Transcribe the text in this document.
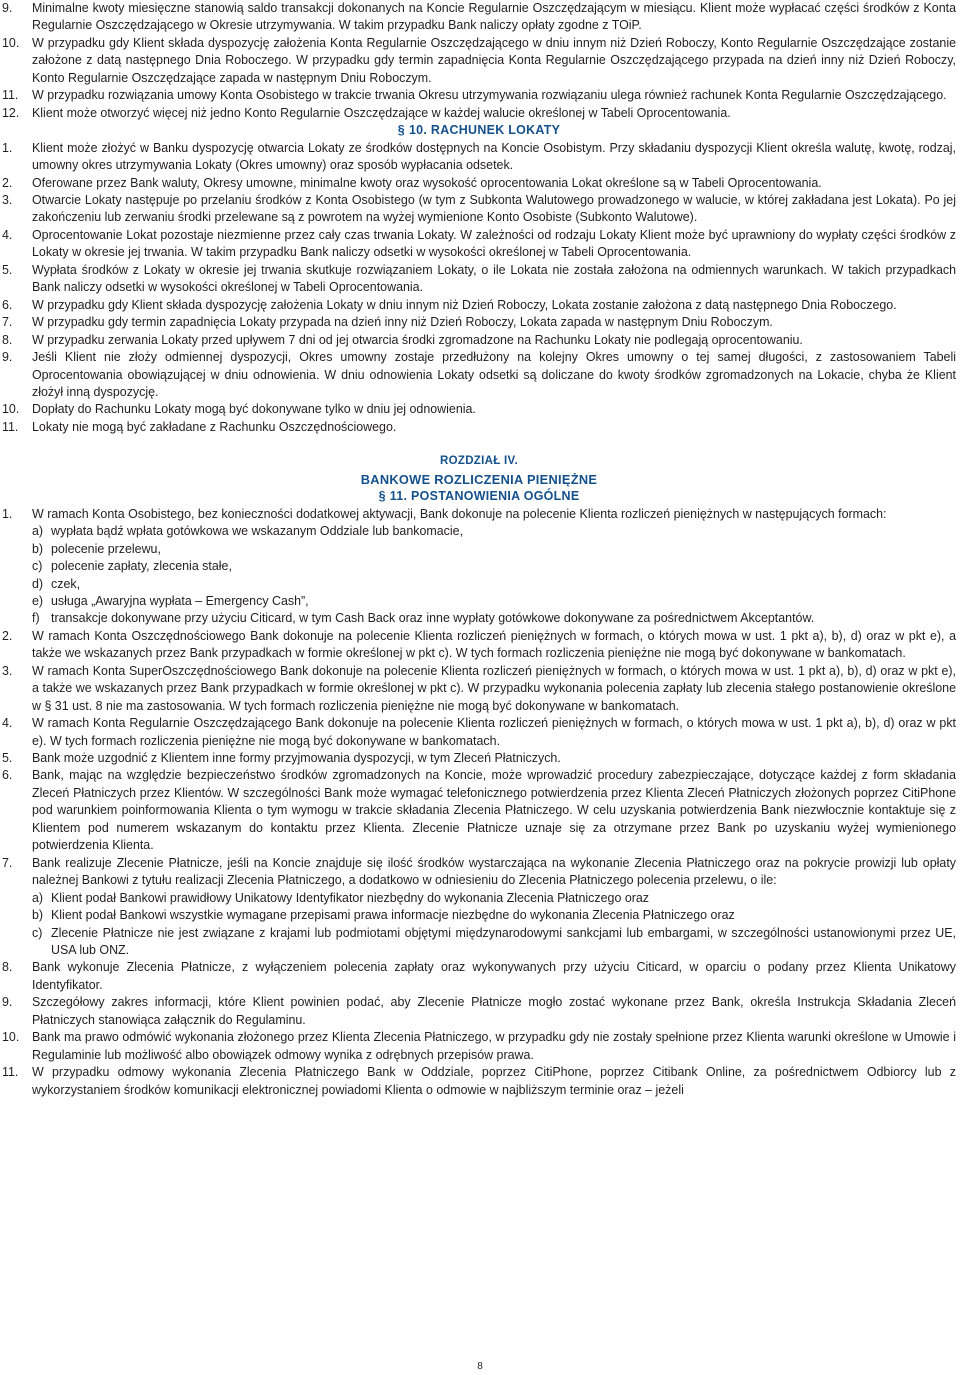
9. Minimalne kwoty miesięczne stanowią saldo transakcji dokonanych na Koncie Regularnie Oszczędzającym w miesiącu. Klient może wypłacać części środków z Konta Regularnie Oszczędzającego w Okresie utrzymywania. W takim przypadku Bank naliczy opłaty zgodne z TOiP.
10. W przypadku gdy Klient składa dyspozycję założenia Konta Regularnie Oszczędzającego w dniu innym niż Dzień Roboczy, Konto Regularnie Oszczędzające zostanie założone z datą następnego Dnia Roboczego. W przypadku gdy termin zapadnięcia Konta Regularnie Oszczędzającego przypada na dzień inny niż Dzień Roboczy, Konto Regularnie Oszczędzające zapada w następnym Dniu Roboczym.
11. W przypadku rozwiązania umowy Konta Osobistego w trakcie trwania Okresu utrzymywania rozwiązaniu ulega również rachunek Konta Regularnie Oszczędzającego.
12. Klient może otworzyć więcej niż jedno Konto Regularnie Oszczędzające w każdej walucie określonej w Tabeli Oprocentowania.
§ 10. RACHUNEK LOKATY
1. Klient może złożyć w Banku dyspozycję otwarcia Lokaty ze środków dostępnych na Koncie Osobistym. Przy składaniu dyspozycji Klient określa walutę, kwotę, rodzaj, umowny okres utrzymywania Lokaty (Okres umowny) oraz sposób wypłacania odsetek.
2. Oferowane przez Bank waluty, Okresy umowne, minimalne kwoty oraz wysokość oprocentowania Lokat określone są w Tabeli Oprocentowania.
3. Otwarcie Lokaty następuje po przelaniu środków z Konta Osobistego (w tym z Subkonta Walutowego prowadzonego w walucie, w której zakładana jest Lokata). Po jej zakończeniu lub zerwaniu środki przelewane są z powrotem na wyżej wymienione Konto Osobiste (Subkonto Walutowe).
4. Oprocentowanie Lokat pozostaje niezmienne przez cały czas trwania Lokaty. W zależności od rodzaju Lokaty Klient może być uprawniony do wypłaty części środków z Lokaty w okresie jej trwania. W takim przypadku Bank naliczy odsetki w wysokości określonej w Tabeli Oprocentowania.
5. Wypłata środków z Lokaty w okresie jej trwania skutkuje rozwiązaniem Lokaty, o ile Lokata nie została założona na odmiennych warunkach. W takich przypadkach Bank naliczy odsetki w wysokości określonej w Tabeli Oprocentowania.
6. W przypadku gdy Klient składa dyspozycję założenia Lokaty w dniu innym niż Dzień Roboczy, Lokata zostanie założona z datą następnego Dnia Roboczego.
7. W przypadku gdy termin zapadnięcia Lokaty przypada na dzień inny niż Dzień Roboczy, Lokata zapada w następnym Dniu Roboczym.
8. W przypadku zerwania Lokaty przed upływem 7 dni od jej otwarcia środki zgromadzone na Rachunku Lokaty nie podlegają oprocentowaniu.
9. Jeśli Klient nie złoży odmiennej dyspozycji, Okres umowny zostaje przedłużony na kolejny Okres umowny o tej samej długości, z zastosowaniem Tabeli Oprocentowania obowiązującej w dniu odnowienia. W dniu odnowienia Lokaty odsetki są doliczane do kwoty środków zgromadzonych na Lokacie, chyba że Klient złożył inną dyspozycję.
10. Dopłaty do Rachunku Lokaty mogą być dokonywane tylko w dniu jej odnowienia.
11. Lokaty nie mogą być zakładane z Rachunku Oszczędnościowego.
ROZDZIAŁ IV.
BANKOWE ROZLICZENIA PIENIĘŻNE
§ 11. POSTANOWIENIA OGÓLNE
1. W ramach Konta Osobistego, bez konieczności dodatkowej aktywacji, Bank dokonuje na polecenie Klienta rozliczeń pieniężnych w następujących formach:
a) wypłata bądź wpłata gotówkowa we wskazanym Oddziale lub bankomacie,
b) polecenie przelewu,
c) polecenie zapłaty, zlecenia stałe,
d) czek,
e) usługa „Awaryjna wypłata – Emergency Cash”,
f) transakcje dokonywane przy użyciu Citicard, w tym Cash Back oraz inne wypłaty gotówkowe dokonywane za pośrednictwem Akceptantów.
2. W ramach Konta Oszczędnościowego Bank dokonuje na polecenie Klienta rozliczeń pieniężnych w formach, o których mowa w ust. 1 pkt a), b), d) oraz w pkt e), a także we wskazanych przez Bank przypadkach w formie określonej w pkt c). W tych formach rozliczenia pieniężne nie mogą być dokonywane w bankomatach.
3. W ramach Konta SuperOszczędnościowego Bank dokonuje na polecenie Klienta rozliczeń pieniężnych w formach, o których mowa w ust. 1 pkt a), b), d) oraz w pkt e), a także we wskazanych przez Bank przypadkach w formie określonej w pkt c). W przypadku wykonania polecenia zapłaty lub zlecenia stałego postanowienie określone w § 31 ust. 8 nie ma zastosowania. W tych formach rozliczenia pieniężne nie mogą być dokonywane w bankomatach.
4. W ramach Konta Regularnie Oszczędzającego Bank dokonuje na polecenie Klienta rozliczeń pieniężnych w formach, o których mowa w ust. 1 pkt a), b), d) oraz w pkt e). W tych formach rozliczenia pieniężne nie mogą być dokonywane w bankomatach.
5. Bank może uzgodnić z Klientem inne formy przyjmowania dyspozycji, w tym Zleceń Płatniczych.
6. Bank, mając na względzie bezpieczeństwo środków zgromadzonych na Koncie, może wprowadzić procedury zabezpieczające, dotyczące każdej z form składania Zleceń Płatniczych przez Klientów. W szczególności Bank może wymagać telefonicznego potwierdzenia przez Klienta Zleceń Płatniczych złożonych poprzez CitiPhone pod warunkiem poinformowania Klienta o tym wymogu w trakcie składania Zlecenia Płatniczego. W celu uzyskania potwierdzenia Bank niezwłocznie kontaktuje się z Klientem pod numerem wskazanym do kontaktu przez Klienta. Zlecenie Płatnicze uznaje się za otrzymane przez Bank po uzyskaniu wyżej wymienionego potwierdzenia Klienta.
7. Bank realizuje Zlecenie Płatnicze, jeśli na Koncie znajduje się ilość środków wystarczająca na wykonanie Zlecenia Płatniczego oraz na pokrycie prowizji lub opłaty należnej Bankowi z tytułu realizacji Zlecenia Płatniczego, a dodatkowo w odniesieniu do Zlecenia Płatniczego polecenia przelewu, o ile:
a) Klient podał Bankowi prawidłowy Unikatowy Identyfikator niezbędny do wykonania Zlecenia Płatniczego oraz
b) Klient podał Bankowi wszystkie wymagane przepisami prawa informacje niezbędne do wykonania Zlecenia Płatniczego oraz
c) Zlecenie Płatnicze nie jest związane z krajami lub podmiotami objętymi międzynarodowymi sankcjami lub embargami, w szczególności ustanowionymi przez UE, USA lub ONZ.
8. Bank wykonuje Zlecenia Płatnicze, z wyłączeniem polecenia zapłaty oraz wykonywanych przy użyciu Citicard, w oparciu o podany przez Klienta Unikatowy Identyfikator.
9. Szczegółowy zakres informacji, które Klient powinien podać, aby Zlecenie Płatnicze mogło zostać wykonane przez Bank, określa Instrukcja Składania Zleceń Płatniczych stanowiąca załącznik do Regulaminu.
10. Bank ma prawo odmówić wykonania złożonego przez Klienta Zlecenia Płatniczego, w przypadku gdy nie zostały spełnione przez Klienta warunki określone w Umowie i Regulaminie lub możliwość albo obowiązek odmowy wynika z odrębnych przepisów prawa.
11. W przypadku odmowy wykonania Zlecenia Płatniczego Bank w Oddziale, poprzez CitiPhone, poprzez Citibank Online, za pośrednictwem Odbiorcy lub z wykorzystaniem środków komunikacji elektronicznej powiadomi Klienta o odmowie w najbliższym terminie oraz – jeżeli
8
